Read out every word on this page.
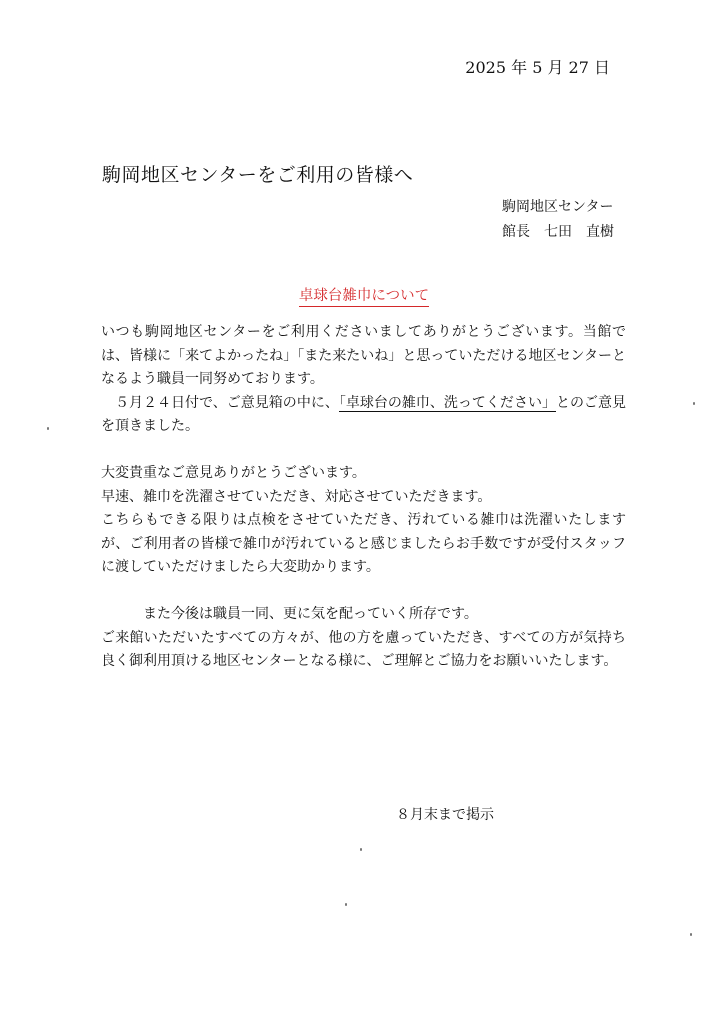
2025 年 5 月 27 日
駒岡地区センターをご利用の皆様へ
駒岡地区センター
館長　七田　直樹
卓球台雑巾について

いつも駒岡地区センターをご利用くださいましてありがとうございます。当館では、皆様に「来てよかったね」「また来たいね」と思っていただける地区センターとなるよう職員一同努めております。

５月２４日付で、ご意見箱の中に、「卓球台の雑巾、洗ってください」とのご意見を頂きました。

大変貴重なご意見ありがとうございます。

早速、雑巾を洗濯させていただき、対応させていただきます。

こちらもできる限りは点検をさせていただき、汚れている雑巾は洗濯いたしますが、ご利用者の皆様で雑巾が汚れていると感じましたらお手数ですが受付スタッフに渡していただけましたら大変助かります。

また今後は職員一同、更に気を配っていく所存です。

ご来館いただいたすべての方々が、他の方を慮っていただき、すべての方が気持ち良く御利用頂ける地区センターとなる様に、ご理解とご協力をお願いいたします。

８月末まで掲示
